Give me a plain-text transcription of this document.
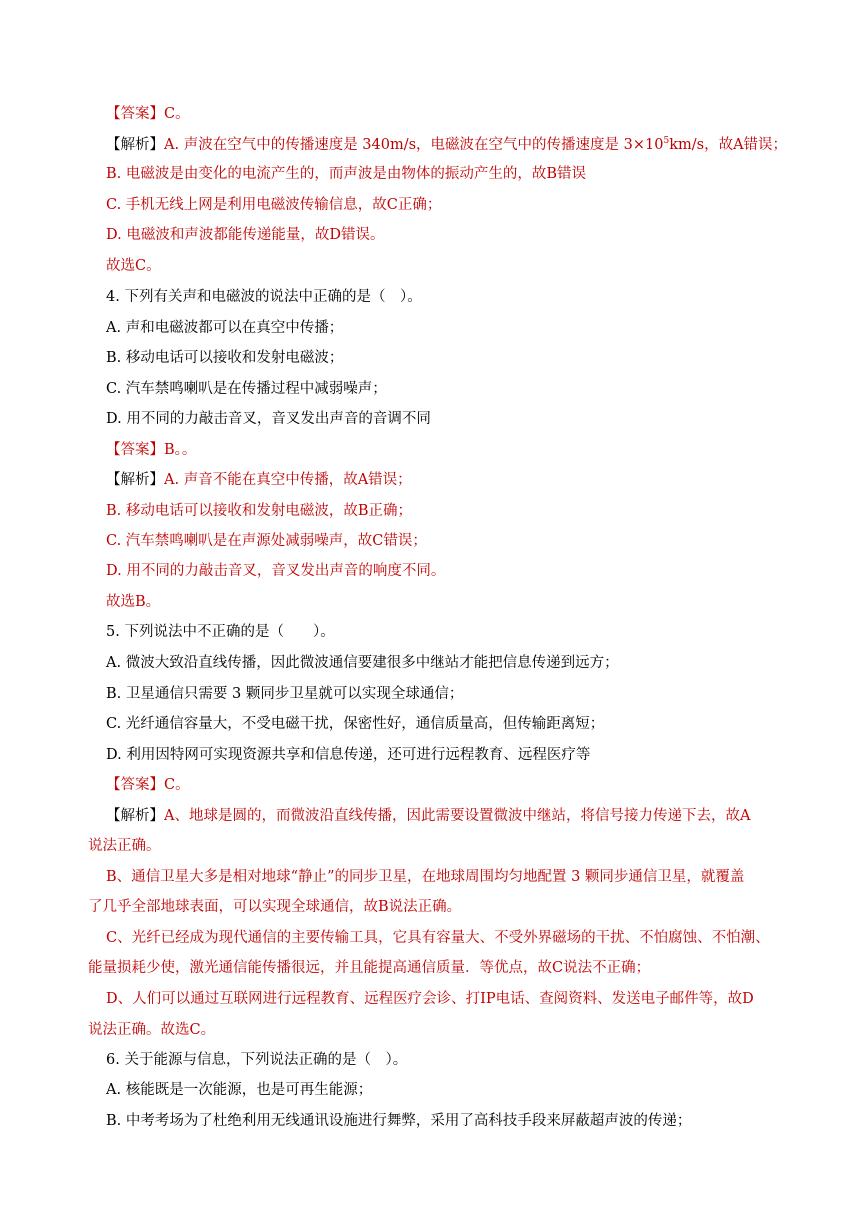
【答案】C。
【解析】A. 声波在空气中的传播速度是 340m/s，电磁波在空气中的传播速度是 $3\times 10^5km/s$，故A错误；
B. 电磁波是由变化的电流产生的，而声波是由物体的振动产生的，故B错误
C. 手机无线上网是利用电磁波传输信息，故C正确；
D. 电磁波和声波都能传递能量，故D错误。
故选C。
4. 下列有关声和电磁波的说法中正确的是（　）。
A. 声和电磁波都可以在真空中传播；
B. 移动电话可以接收和发射电磁波；
C. 汽车禁鸣喇叭是在传播过程中减弱噪声；
D. 用不同的力敲击音叉，音叉发出声音的音调不同
【答案】B。。
【解析】A. 声音不能在真空中传播，故A错误；
B. 移动电话可以接收和发射电磁波，故B正确；
C. 汽车禁鸣喇叭是在声源处减弱噪声，故C错误；
D. 用不同的力敲击音叉，音叉发出声音的响度不同。
故选B。
5. 下列说法中不正确的是（　　）。
A. 微波大致沿直线传播，因此微波通信要建很多中继站才能把信息传递到远方；
B. 卫星通信只需要 3 颗同步卫星就可以实现全球通信；
C. 光纤通信容量大，不受电磁干扰，保密性好，通信质量高，但传输距离短；
D. 利用因特网可实现资源共享和信息传递，还可进行远程教育、远程医疗等
【答案】C。
【解析】A、地球是圆的，而微波沿直线传播，因此需要设置微波中继站，将信号接力传递下去，故A
说法正确。
B、通信卫星大多是相对地球“静止”的同步卫星，在地球周围均匀地配置 3 颗同步通信卫星，就覆盖
了几乎全部地球表面，可以实现全球通信，故B说法正确。
C、光纤已经成为现代通信的主要传输工具，它具有容量大、不受外界磁场的干扰、不怕腐蚀、不怕潮、
能量损耗少使，激光通信能传播很远，并且能提高通信质量．等优点，故C说法不正确；
D、人们可以通过互联网进行远程教育、远程医疗会诊、打IP电话、查阅资料、发送电子邮件等，故D
说法正确。故选C。
6. 关于能源与信息，下列说法正确的是（　）。
A. 核能既是一次能源，也是可再生能源；
B. 中考考场为了杜绝利用无线通讯设施进行舞弊，采用了高科技手段来屏蔽超声波的传递；
